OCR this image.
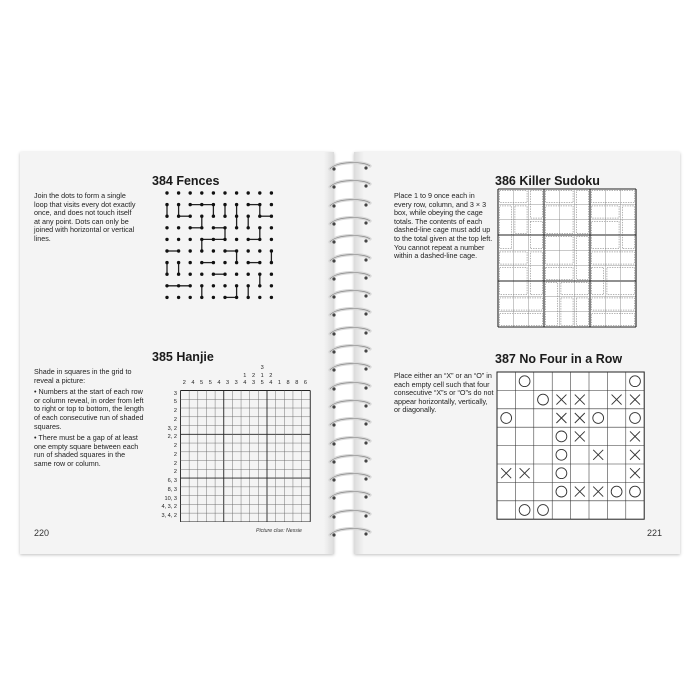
384 Fences

Join the dots to form a single loop that visits every dot exactly once, and does not touch itself at any point. Dots can only be joined with horizontal or vertical lines.

385 Hanjie

Shade in squares in the grid to reveal a picture:

• Numbers at the start of each row or column reveal, in order from left to right or top to bottom, the length of each consecutive run of shaded squares.

• There must be a gap of at least one empty square between each run of shaded squares in the same row or column.

2 4 5 5 4 3 3
1
4
2
3
3
1
5
2
4 1 8 8 6
3
5
2
2
3, 2
2, 2
2
2
2
2
6, 3
8, 3
10, 3
4, 3, 2
3, 4, 2
Picture clue: Nessie
220
386 Killer Sudoku

Place 1 to 9 once each in every row, column, and 3 × 3 box, while obeying the cage totals. The contents of each dashed-line cage must add up to the total given at the top left. You cannot repeat a number within a dashed-line cage.

387 No Four in a Row

Place either an “X” or an “O” in each empty cell such that four consecutive “X”s or “O”s do not appear horizontally, vertically, or diagonally.

221
